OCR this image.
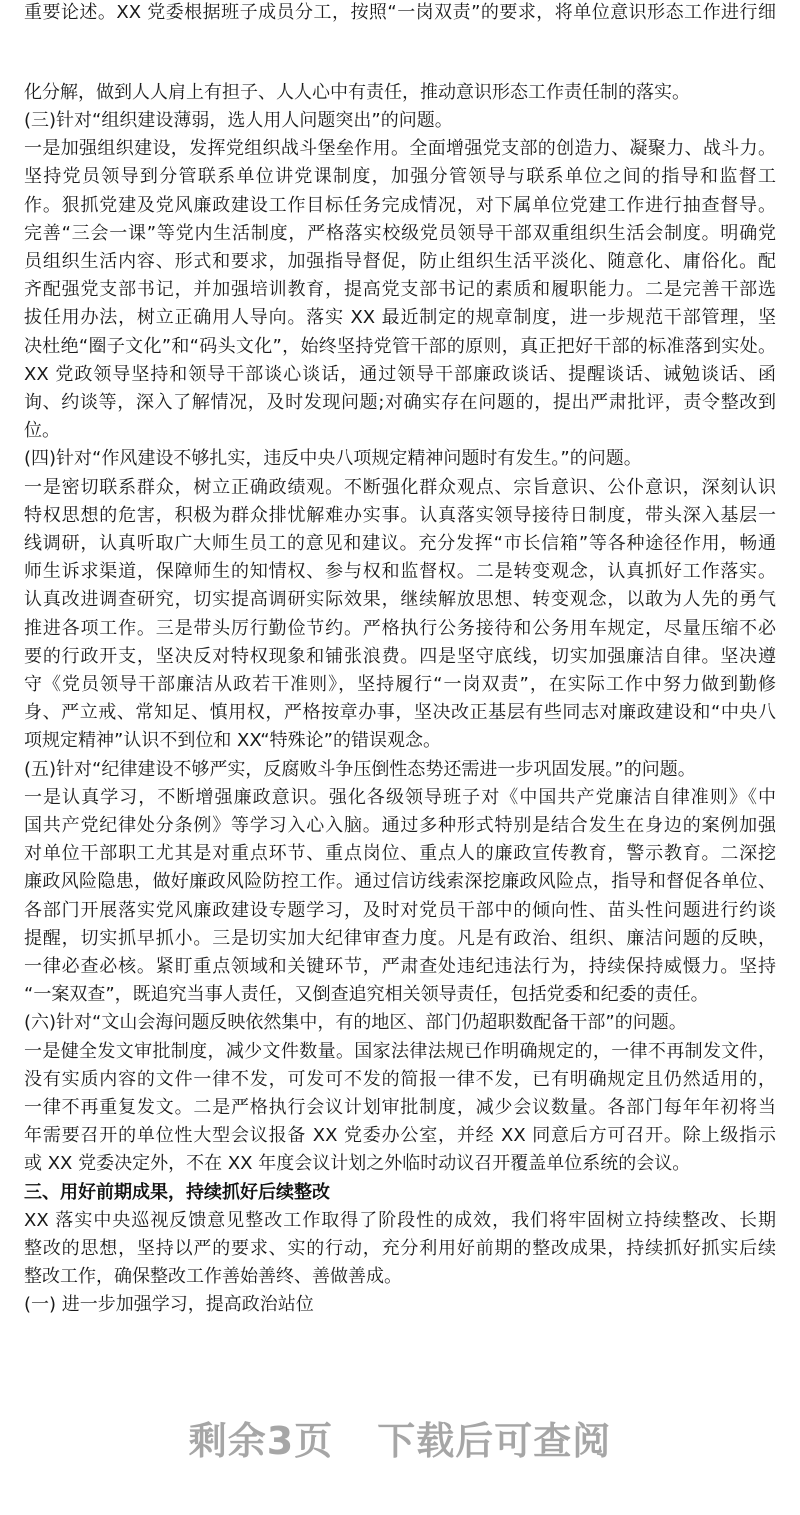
重要论述。XX 党委根据班子成员分工，按照“一岗双责”的要求，将单位意识形态工作进行细
化分解，做到人人肩上有担子、人人心中有责任，推动意识形态工作责任制的落实。
(三)针对“组织建设薄弱，选人用人问题突出”的问题。
一是加强组织建设，发挥党组织战斗堡垒作用。全面增强党支部的创造力、凝聚力、战斗力。
坚持党员领导到分管联系单位讲党课制度，加强分管领导与联系单位之间的指导和监督工
作。狠抓党建及党风廉政建设工作目标任务完成情况，对下属单位党建工作进行抽查督导。
完善“三会一课”等党内生活制度，严格落实校级党员领导干部双重组织生活会制度。明确党
员组织生活内容、形式和要求，加强指导督促，防止组织生活平淡化、随意化、庸俗化。配
齐配强党支部书记，并加强培训教育，提高党支部书记的素质和履职能力。二是完善干部选
拔任用办法，树立正确用人导向。落实 XX 最近制定的规章制度，进一步规范干部管理，坚
决杜绝“圈子文化”和“码头文化”，始终坚持党管干部的原则，真正把好干部的标准落到实处。
XX 党政领导坚持和领导干部谈心谈话，通过领导干部廉政谈话、提醒谈话、诫勉谈话、函
询、约谈等，深入了解情况，及时发现问题;对确实存在问题的，提出严肃批评，责令整改到
位。
(四)针对“作风建设不够扎实，违反中央八项规定精神问题时有发生。”的问题。
一是密切联系群众，树立正确政绩观。不断强化群众观点、宗旨意识、公仆意识，深刻认识
特权思想的危害，积极为群众排忧解难办实事。认真落实领导接待日制度，带头深入基层一
线调研，认真听取广大师生员工的意见和建议。充分发挥“市长信箱”等各种途径作用，畅通
师生诉求渠道，保障师生的知情权、参与权和监督权。二是转变观念，认真抓好工作落实。
认真改进调查研究，切实提高调研实际效果，继续解放思想、转变观念，以敢为人先的勇气
推进各项工作。三是带头厉行勤俭节约。严格执行公务接待和公务用车规定，尽量压缩不必
要的行政开支，坚决反对特权现象和铺张浪费。四是坚守底线，切实加强廉洁自律。坚决遵
守《党员领导干部廉洁从政若干准则》，坚持履行“一岗双责”，在实际工作中努力做到勤修
身、严立戒、常知足、慎用权，严格按章办事，坚决改正基层有些同志对廉政建设和“中央八
项规定精神”认识不到位和 XX“特殊论”的错误观念。
(五)针对“纪律建设不够严实，反腐败斗争压倒性态势还需进一步巩固发展。”的问题。
一是认真学习，不断增强廉政意识。强化各级领导班子对《中国共产党廉洁自律准则》《中
国共产党纪律处分条例》等学习入心入脑。通过多种形式特别是结合发生在身边的案例加强
对单位干部职工尤其是对重点环节、重点岗位、重点人的廉政宣传教育，警示教育。二深挖
廉政风险隐患，做好廉政风险防控工作。通过信访线索深挖廉政风险点，指导和督促各单位、
各部门开展落实党风廉政建设专题学习，及时对党员干部中的倾向性、苗头性问题进行约谈
提醒，切实抓早抓小。三是切实加大纪律审查力度。凡是有政治、组织、廉洁问题的反映，
一律必查必核。紧盯重点领域和关键环节，严肃查处违纪违法行为，持续保持威慑力。坚持
“一案双查”，既追究当事人责任，又倒查追究相关领导责任，包括党委和纪委的责任。
(六)针对“文山会海问题反映依然集中，有的地区、部门仍超职数配备干部”的问题。
一是健全发文审批制度，减少文件数量。国家法律法规已作明确规定的，一律不再制发文件，
没有实质内容的文件一律不发，可发可不发的简报一律不发，已有明确规定且仍然适用的，
一律不再重复发文。二是严格执行会议计划审批制度，减少会议数量。各部门每年年初将当
年需要召开的单位性大型会议报备 XX 党委办公室，并经 XX 同意后方可召开。除上级指示
或 XX 党委决定外，不在 XX 年度会议计划之外临时动议召开覆盖单位系统的会议。
三、用好前期成果，持续抓好后续整改
XX 落实中央巡视反馈意见整改工作取得了阶段性的成效，我们将牢固树立持续整改、长期
整改的思想，坚持以严的要求、实的行动，充分利用好前期的整改成果，持续抓好抓实后续
整改工作，确保整改工作善始善终、善做善成。
(一) 进一步加强学习，提高政治站位
剩余3页 下载后可查阅
